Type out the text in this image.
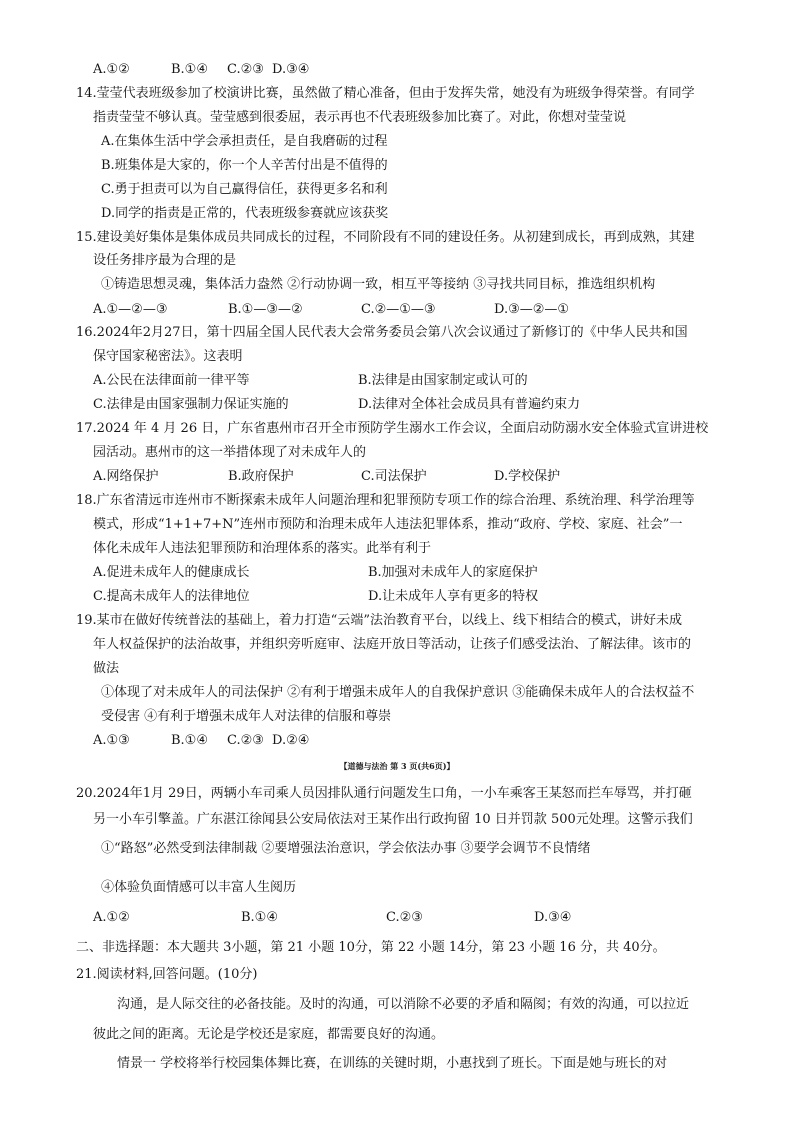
A.①②	B.①④ C.②③ D.③④
14.莹莹代表班级参加了校演讲比赛，虽然做了精心准备，但由于发挥失常，她没有为班级争得荣誉。有同学
指责莹莹不够认真。莹莹感到很委屈，表示再也不代表班级参加比赛了。对此，你想对莹莹说
A.在集体生活中学会承担责任，是自我磨砺的过程
B.班集体是大家的，你一个人辛苦付出是不值得的
C.勇于担责可以为自己赢得信任，获得更多名和利
D.同学的指责是正常的，代表班级参赛就应该获奖
15.建设美好集体是集体成员共同成长的过程，不同阶段有不同的建设任务。从初建到成长，再到成熟，其建
设任务排序最为合理的是
①铸造思想灵魂，集体活力盎然 ②行动协调一致，相互平等接纳 ③寻找共同目标，推选组织机构
A.①—②—③	B.①—③—②	C.②—①—③	D.③—②—①
16.2024年2月27日，第十四届全国人民代表大会常务委员会第八次会议通过了新修订的《中华人民共和国
保守国家秘密法》。这表明
A.公民在法律面前一律平等	B.法律是由国家制定或认可的
C.法律是由国家强制力保证实施的	D.法律对全体社会成员具有普遍约束力
17.2024 年 4 月 26 日，广东省惠州市召开全市预防学生溺水工作会议，全面启动防溺水安全体验式宣讲进校
园活动。惠州市的这一举措体现了对未成年人的
A.网络保护	B.政府保护	C.司法保护	D.学校保护
18.广东省清远市连州市不断探索未成年人问题治理和犯罪预防专项工作的综合治理、系统治理、科学治理等
模式，形成“1+1+7+N”连州市预防和治理未成年人违法犯罪体系，推动“政府、学校、家庭、社会”一
体化未成年人违法犯罪预防和治理体系的落实。此举有利于
A.促进未成年人的健康成长	B.加强对未成年人的家庭保护
C.提高未成年人的法律地位	D.让未成年人享有更多的特权
19.某市在做好传统普法的基础上，着力打造“云端”法治教育平台，以线上、线下相结合的模式，讲好未成
年人权益保护的法治故事，并组织旁听庭审、法庭开放日等活动，让孩子们感受法治、了解法律。该市的
做法
①体现了对未成年人的司法保护 ②有利于增强未成年人的自我保护意识 ③能确保未成年人的合法权益不
受侵害 ④有利于增强未成年人对法律的信服和尊崇
A.①③	B.①④ C.②③ D.②④
【道德与法治 第 3 页(共6页)】
20.2024年1月 29日，两辆小车司乘人员因排队通行问题发生口角，一小车乘客王某怒而拦车辱骂，并打砸
另一小车引擎盖。广东湛江徐闻县公安局依法对王某作出行政拘留 10 日并罚款 500元处理。这警示我们
①“路怒”必然受到法律制裁 ②要增强法治意识，学会依法办事 ③要学会调节不良情绪
④体验负面情感可以丰富人生阅历
A.①②	B.①④	C.②③	D.③④
二、非选择题：本大题共 3小题，第 21 小题 10分，第 22 小题 14分，第 23 小题 16 分，共 40分。
21.阅读材料,回答问题。(10分)
沟通，是人际交往的必备技能。及时的沟通，可以消除不必要的矛盾和隔阂；有效的沟通，可以拉近
彼此之间的距离。无论是学校还是家庭，都需要良好的沟通。
情景一 学校将举行校园集体舞比赛，在训练的关键时期，小惠找到了班长。下面是她与班长的对
